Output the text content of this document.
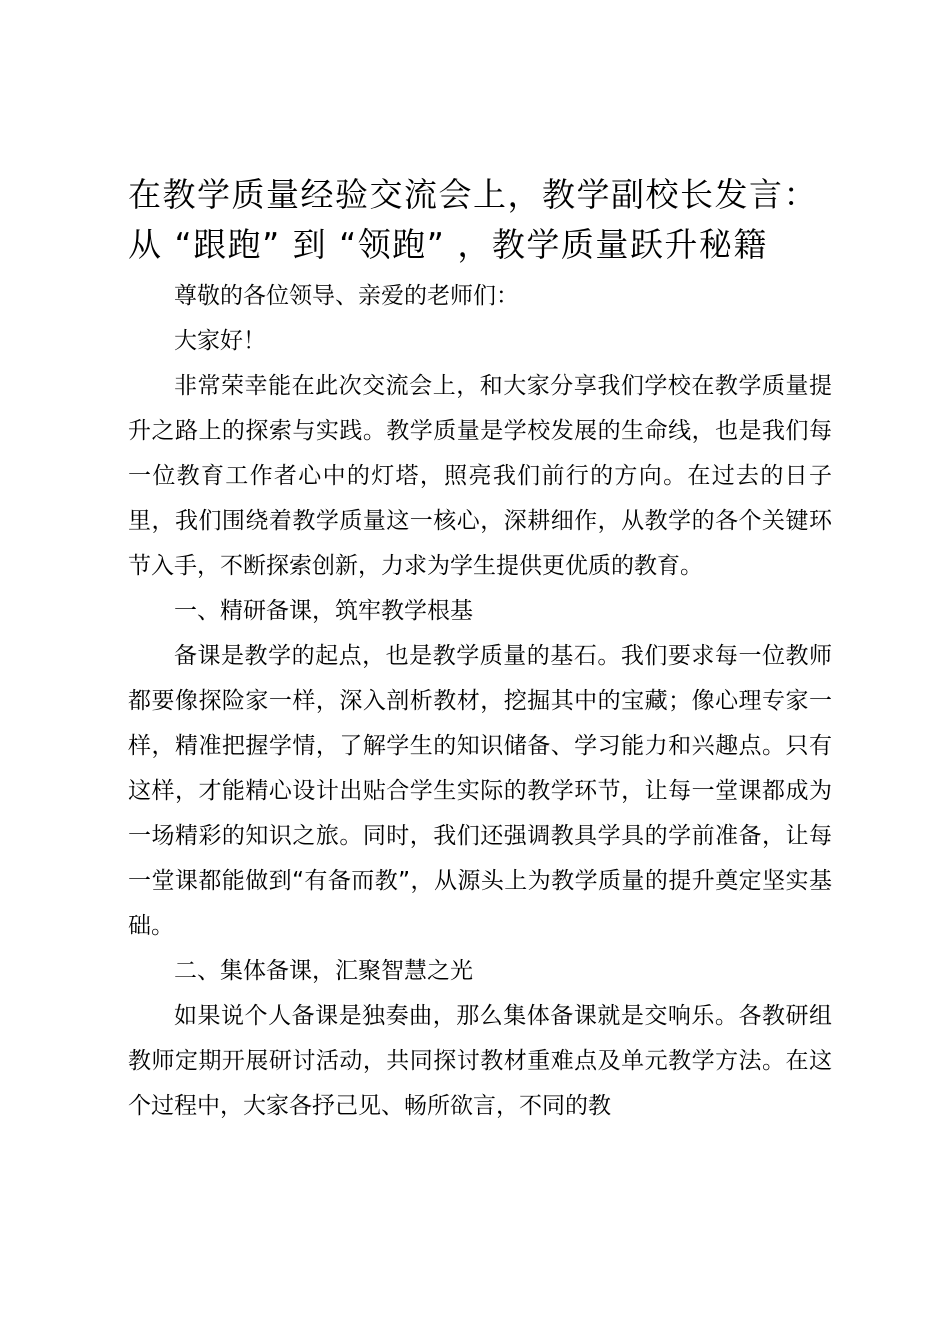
在教学质量经验交流会上，教学副校长发言：
从 “跟跑” 到 “领跑” ，教学质量跃升秘籍

尊敬的各位领导、亲爱的老师们：

大家好！

非常荣幸能在此次交流会上，和大家分享我们学校在教学质量提升之路上的探索与实践。教学质量是学校发展的生命线，也是我们每一位教育工作者心中的灯塔，照亮我们前行的方向。在过去的日子里，我们围绕着教学质量这一核心，深耕细作，从教学的各个关键环节入手，不断探索创新，力求为学生提供更优质的教育。

一、精研备课，筑牢教学根基

备课是教学的起点，也是教学质量的基石。我们要求每一位教师都要像探险家一样，深入剖析教材，挖掘其中的宝藏；像心理专家一样，精准把握学情，了解学生的知识储备、学习能力和兴趣点。只有这样，才能精心设计出贴合学生实际的教学环节，让每一堂课都成为一场精彩的知识之旅。同时，我们还强调教具学具的学前准备，让每一堂课都能做到“有备而教”，从源头上为教学质量的提升奠定坚实基础。

二、集体备课，汇聚智慧之光

如果说个人备课是独奏曲，那么集体备课就是交响乐。各教研组教师定期开展研讨活动，共同探讨教材重难点及单元教学方法。在这个过程中，大家各抒己见、畅所欲言，不同的教
